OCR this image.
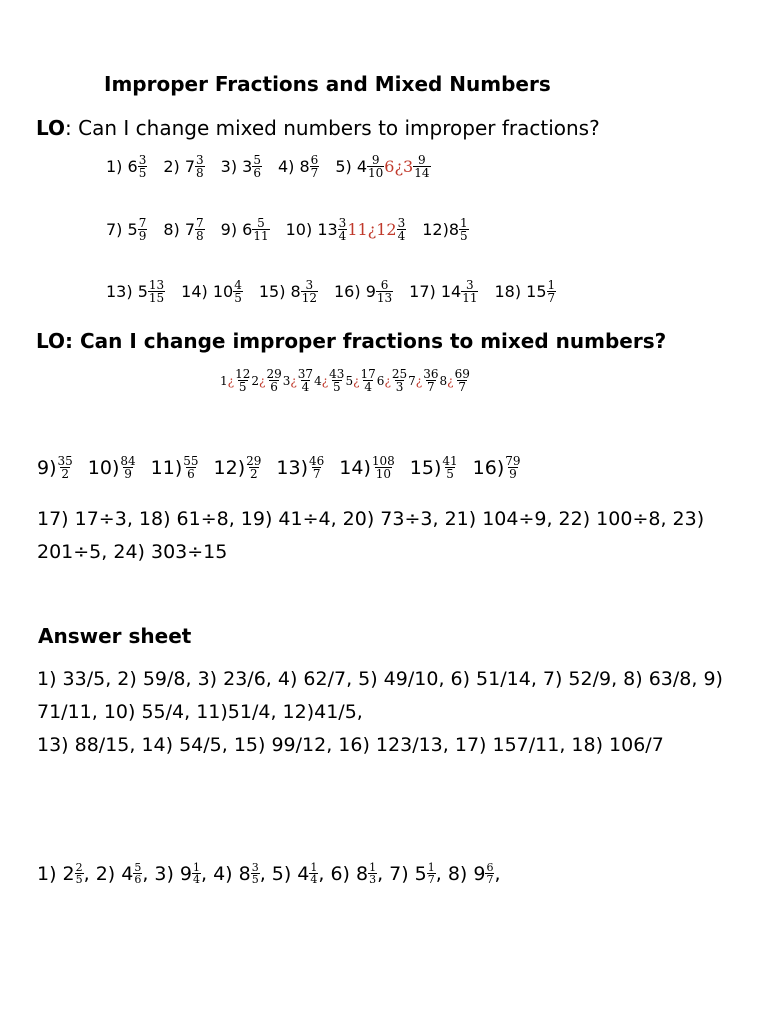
Improper Fractions and Mixed Numbers
LO: Can I change mixed numbers to improper fractions?
1) $6 \frac{3}{5} 2$) $7 \frac{3}{8} 3$) $3 \frac{5}{6} 4$) $8 \frac{6}{7} 5$) $4 \frac{9}{10}$ 6¿3 $\frac{9}{14}$
7) $5 \frac{7}{9} 8$) $7 \frac{7}{8} 9$) $6 \frac{5}{11} 10$) $13 \frac{3}{4}$ 11¿12 $\frac{3}{4} 12)8 \frac{1}{5}$
13) $5 \frac{13}{15} 14$) $10 \frac{4}{5} 15$) $8 \frac{3}{12} 16$) $9 \frac{6}{13} 17$) $14 \frac{3}{11} 18$) $15 \frac{1}{7}$
LO: Can I change improper fractions to mixed numbers?
1¿ $\frac{12}{5}$ 2¿ $\frac{29}{6}$ 3¿ $\frac{37}{4}$ 4¿ $\frac{43}{5}$ 5¿ $\frac{17}{4}$ 6¿ $\frac{25}{3}$ 7¿ $\frac{36}{7}$ 8¿ $\frac{69}{7}$
$9) \frac{35}{2} 10) \frac{84}{9} 11) \frac{55}{6} 12) \frac{29}{2} 13) \frac{46}{7} 14) \frac{108}{10} 15) \frac{41}{5} 16) \frac{79}{9}$
17) 17÷3, 18) 61÷8, 19) 41÷4, 20) 73÷3, 21) 104÷9, 22) 100÷8, 23) 201÷5, 24) 303÷15
Answer sheet
1) 33/5, 2) 59/8, 3) 23/6, 4) 62/7, 5) 49/10, 6) 51/14, 7) 52/9, 8) 63/8, 9) 71/11, 10) 55/4, 11)51/4, 12)41/5,
13) 88/15, 14) 54/5, 15) 99/12, 16) 123/13, 17) 157/11, 18) 106/7
1) $2 \frac{2}{5}$ , 2) $4 \frac{5}{6}$ , 3) $9 \frac{1}{4}$ , 4) $8 \frac{3}{5}$ , 5) $4 \frac{1}{4}$ , 6) $8 \frac{1}{3}$ , 7) $5 \frac{1}{7}$ , 8) $9 \frac{6}{7}$ ,
